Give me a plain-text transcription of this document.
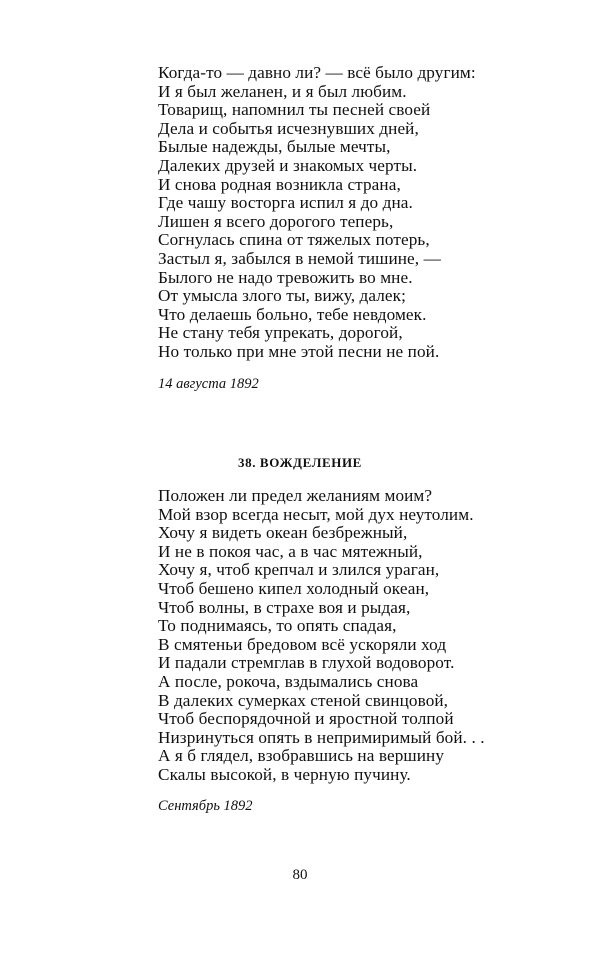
Когда-то — давно ли? — всё было другим:
И я был желанен, и я был любим.
Товарищ, напомнил ты песней своей
Дела и событья исчезнувших дней,
Былые надежды, былые мечты,
Далеких друзей и знакомых черты.
И снова родная возникла страна,
Где чашу восторга испил я до дна.
Лишен я всего дорогого теперь,
Согнулась спина от тяжелых потерь,
Застыл я, забылся в немой тишине, —
Былого не надо тревожить во мне.
От умысла злого ты, вижу, далек;
Что делаешь больно, тебе невдомек.
Не стану тебя упрекать, дорогой,
Но только при мне этой песни не пой.
14 августа 1892
38. ВОЖДЕЛЕНИЕ
Положен ли предел желаниям моим?
Мой взор всегда несыт, мой дух неутолим.
Хочу я видеть океан безбрежный,
И не в покоя час, а в час мятежный,
Хочу я, чтоб крепчал и злился ураган,
Чтоб бешено кипел холодный океан,
Чтоб волны, в страхе воя и рыдая,
То поднимаясь, то опять спадая,
В смятеньи бредовом всё ускоряли ход
И падали стремглав в глухой водоворот.
А после, рокоча, вздымались снова
В далеких сумерках стеной свинцовой,
Чтоб беспорядочной и яростной толпой
Низринуться опять в непримиримый бой. . .
А я б глядел, взобравшись на вершину
Скалы высокой, в черную пучину.
Сентябрь 1892
80
